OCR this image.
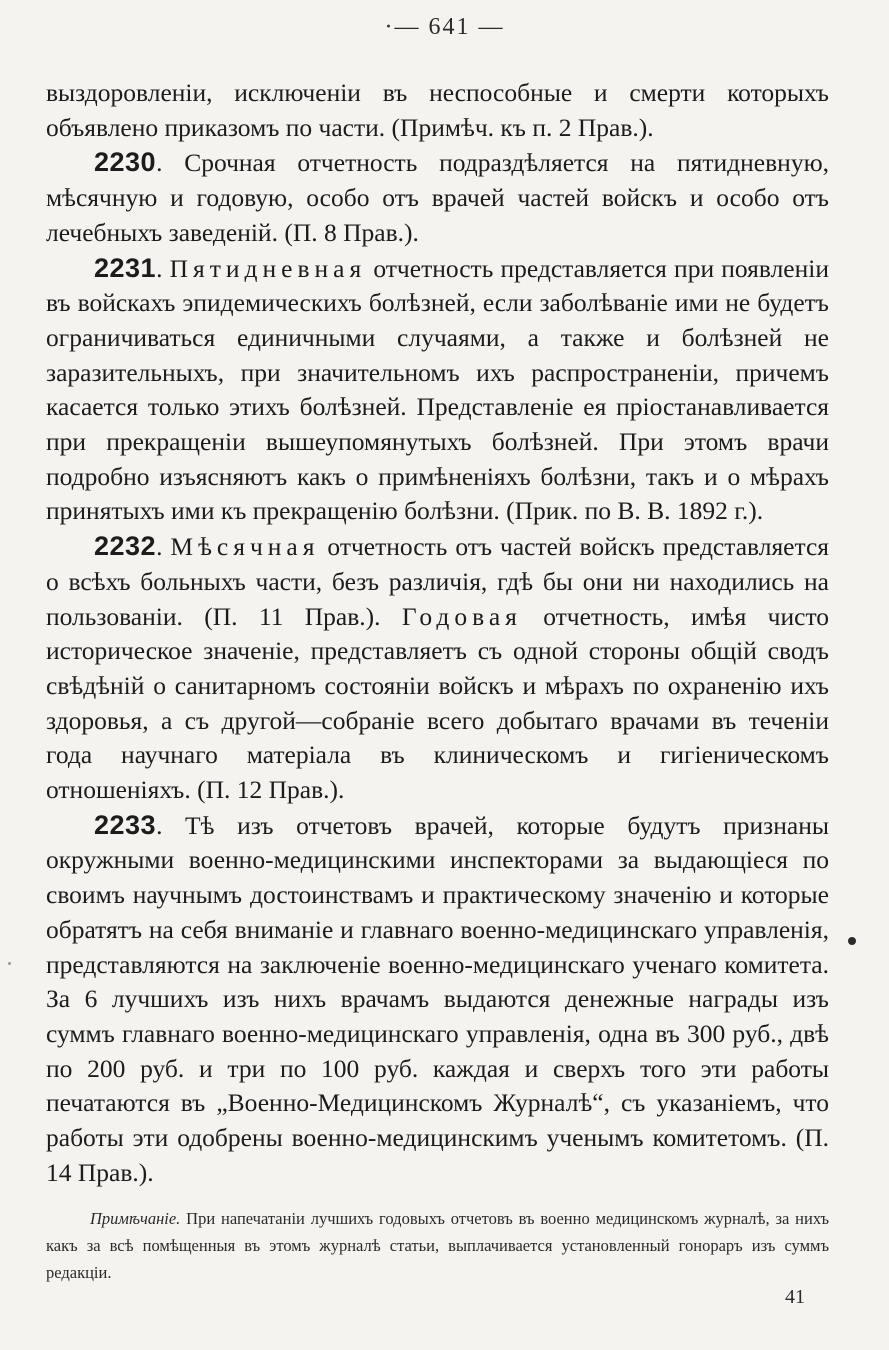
·— 641 —

выздоровленіи, исключеніи въ неспособные и смерти которыхъ объявлено приказомъ по части. (Примѣч. къ п. 2 Прав.).

2230. Срочная отчетность подраздѣляется на пятидневную, мѣсячную и годовую, особо отъ врачей частей войскъ и особо отъ лечебныхъ заведеній. (П. 8 Прав.).

2231. Пятидневная отчетность представляется при появленіи въ войскахъ эпидемическихъ болѣзней, если заболѣваніе ими не будетъ ограничиваться единичными случаями, а также и болѣзней не заразительныхъ, при значительномъ ихъ распространеніи, причемъ касается только этихъ болѣзней. Представленіе ея пріостанавливается при прекращеніи вышеупомянутыхъ болѣзней. При этомъ врачи подробно изъясняютъ какъ о примѣненіяхъ болѣзни, такъ и о мѣрахъ принятыхъ ими къ прекращенію болѣзни. (Прик. по В. В. 1892 г.).

2232. Мѣсячная отчетность отъ частей войскъ представляется о всѣхъ больныхъ части, безъ различія, гдѣ бы они ни находились на пользованіи. (П. 11 Прав.). Годовая отчетность, имѣя чисто историческое значеніе, представляетъ съ одной стороны общій сводъ свѣдѣній о санитарномъ состояніи войскъ и мѣрахъ по охраненію ихъ здоровья, а съ другой—собраніе всего добытаго врачами въ теченіи года научнаго матеріала въ клиническомъ и гигіеническомъ отношеніяхъ. (П. 12 Прав.).

2233. Тѣ изъ отчетовъ врачей, которые будутъ признаны окружными военно-медицинскими инспекторами за выдающіеся по своимъ научнымъ достоинствамъ и практическому значенію и которые обратятъ на себя вниманіе и главнаго военно-медицинскаго управленія, представляются на заключеніе военно-медицинскаго ученаго комитета. За 6 лучшихъ изъ нихъ врачамъ выдаются денежные награды изъ суммъ главнаго военно-медицинскаго управленія, одна въ 300 руб., двѣ по 200 руб. и три по 100 руб. каждая и сверхъ того эти работы печатаются въ „Военно-Медицинскомъ Журналѣ“, съ указаніемъ, что работы эти одобрены военно-медицинскимъ ученымъ комитетомъ. (П. 14 Прав.).

Примѣчаніе. При напечатаніи лучшихъ годовыхъ отчетовъ въ военно медицинскомъ журналѣ, за нихъ какъ за всѣ помѣщенныя въ этомъ журналѣ статьи, выплачивается установленный гонораръ изъ суммъ редакціи.

41
